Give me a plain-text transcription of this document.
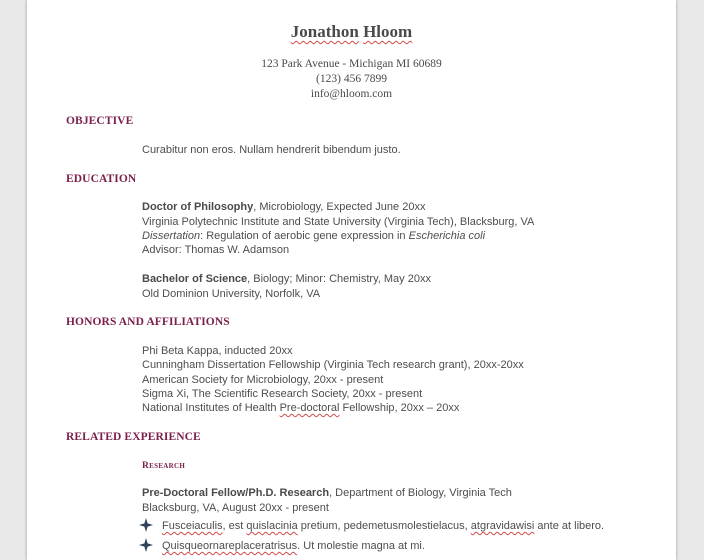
Jonathon Hloom
123 Park Avenue - Michigan MI 60689
(123) 456 7899
info@hloom.com
OBJECTIVE
Curabitur non eros. Nullam hendrerit bibendum justo.
EDUCATION
Doctor of Philosophy, Microbiology, Expected June 20xx
Virginia Polytechnic Institute and State University (Virginia Tech), Blacksburg, VA
Dissertation: Regulation of aerobic gene expression in Escherichia coli
Advisor: Thomas W. Adamson
Bachelor of Science, Biology; Minor: Chemistry, May 20xx
Old Dominion University, Norfolk, VA
HONORS AND AFFILIATIONS
Phi Beta Kappa, inducted 20xx
Cunningham Dissertation Fellowship (Virginia Tech research grant), 20xx-20xx
American Society for Microbiology, 20xx - present
Sigma Xi, The Scientific Research Society, 20xx - present
National Institutes of Health Pre-doctoral Fellowship, 20xx – 20xx
RELATED EXPERIENCE
Research
Pre-Doctoral Fellow/Ph.D. Research, Department of Biology, Virginia Tech
Blacksburg, VA, August 20xx - present
Fusceiaculis, est quislacinia pretium, pedemetusmolestielacus, atgravidawisi ante at libero.
Quisqueornareplaceratrisus. Ut molestie magna at mi.
